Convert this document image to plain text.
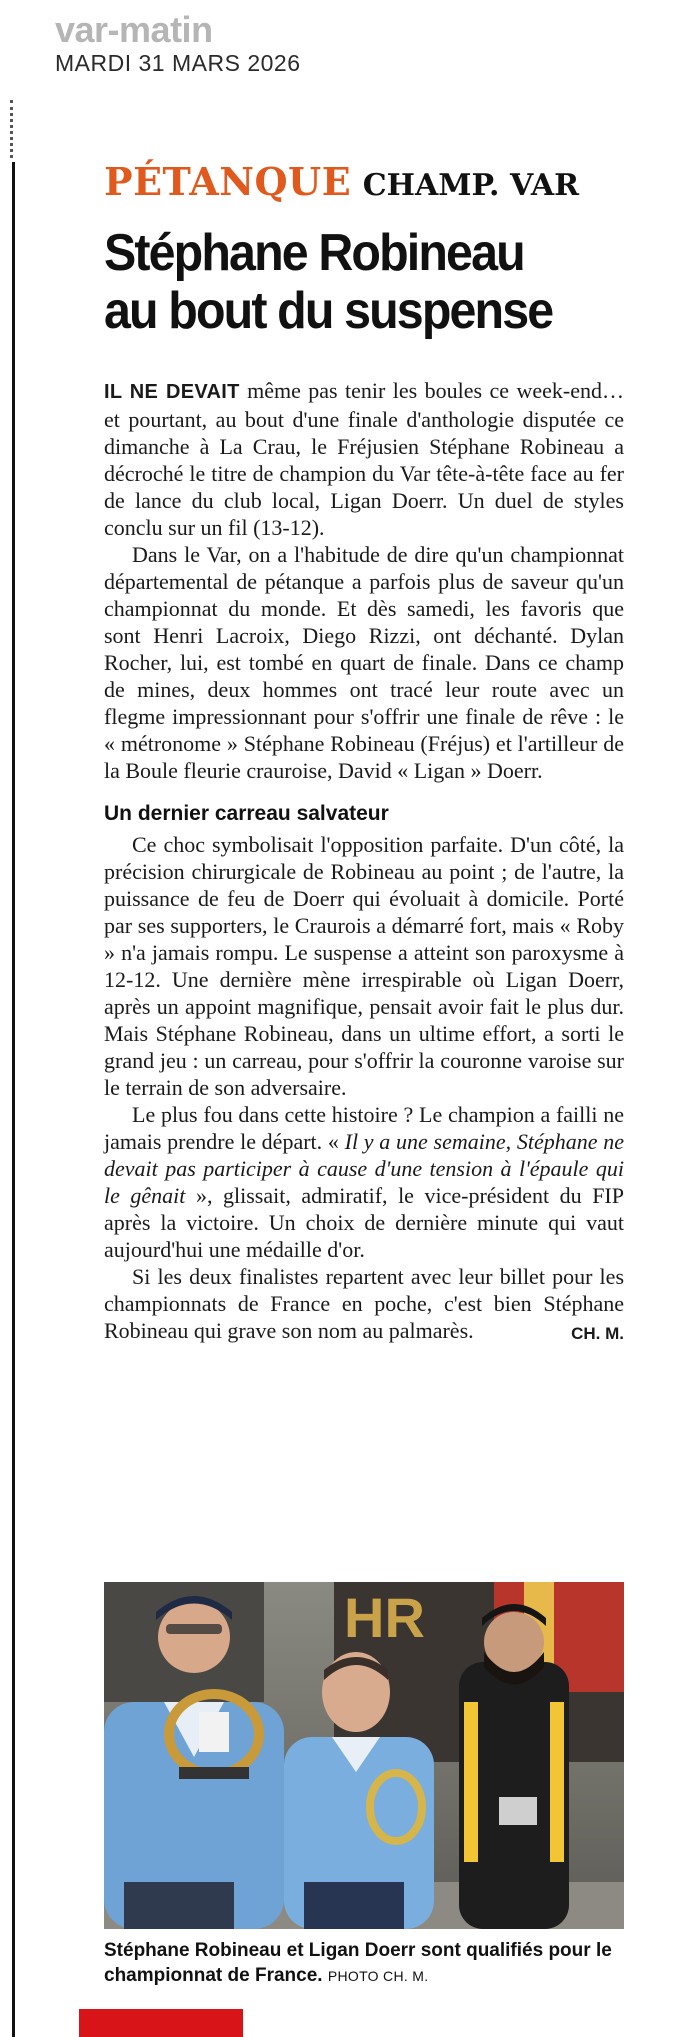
var-matin
MARDI 31 MARS 2026
PÉTANQUE CHAMP. VAR
Stéphane Robineau
au bout du suspense

IL NE DEVAIT même pas tenir les boules ce week-end… et pourtant, au bout d'une finale d'anthologie disputée ce dimanche à La Crau, le Fréjusien Stéphane Robineau a décroché le titre de champion du Var tête-à-tête face au fer de lance du club local, Ligan Doerr. Un duel de styles conclu sur un fil (13-12).

Dans le Var, on a l'habitude de dire qu'un championnat départemental de pétanque a parfois plus de saveur qu'un championnat du monde. Et dès samedi, les favoris que sont Henri Lacroix, Diego Rizzi, ont déchanté. Dylan Rocher, lui, est tombé en quart de finale. Dans ce champ de mines, deux hommes ont tracé leur route avec un flegme impressionnant pour s'offrir une finale de rêve : le « métronome » Stéphane Robineau (Fréjus) et l'artilleur de la Boule fleurie crauroise, David « Ligan » Doerr.

Un dernier carreau salvateur

Ce choc symbolisait l'opposition parfaite. D'un côté, la précision chirurgicale de Robineau au point ; de l'autre, la puissance de feu de Doerr qui évoluait à domicile. Porté par ses supporters, le Craurois a démarré fort, mais « Roby » n'a jamais rompu. Le suspense a atteint son paroxysme à 12-12. Une dernière mène irrespirable où Ligan Doerr, après un appoint magnifique, pensait avoir fait le plus dur. Mais Stéphane Robineau, dans un ultime effort, a sorti le grand jeu : un carreau, pour s'offrir la couronne varoise sur le terrain de son adversaire.

Le plus fou dans cette histoire ? Le champion a failli ne jamais prendre le départ. « Il y a une semaine, Stéphane ne devait pas participer à cause d'une tension à l'épaule qui le gênait », glissait, admiratif, le vice-président du FIP après la victoire. Un choix de dernière minute qui vaut aujourd'hui une médaille d'or.

Si les deux finalistes repartent avec leur billet pour les championnats de France en poche, c'est bien Stéphane Robineau qui grave son nom au palmarès.	CH. M.

HR
Stéphane Robineau et Ligan Doerr sont qualifiés pour le championnat de France. PHOTO CH. M.
